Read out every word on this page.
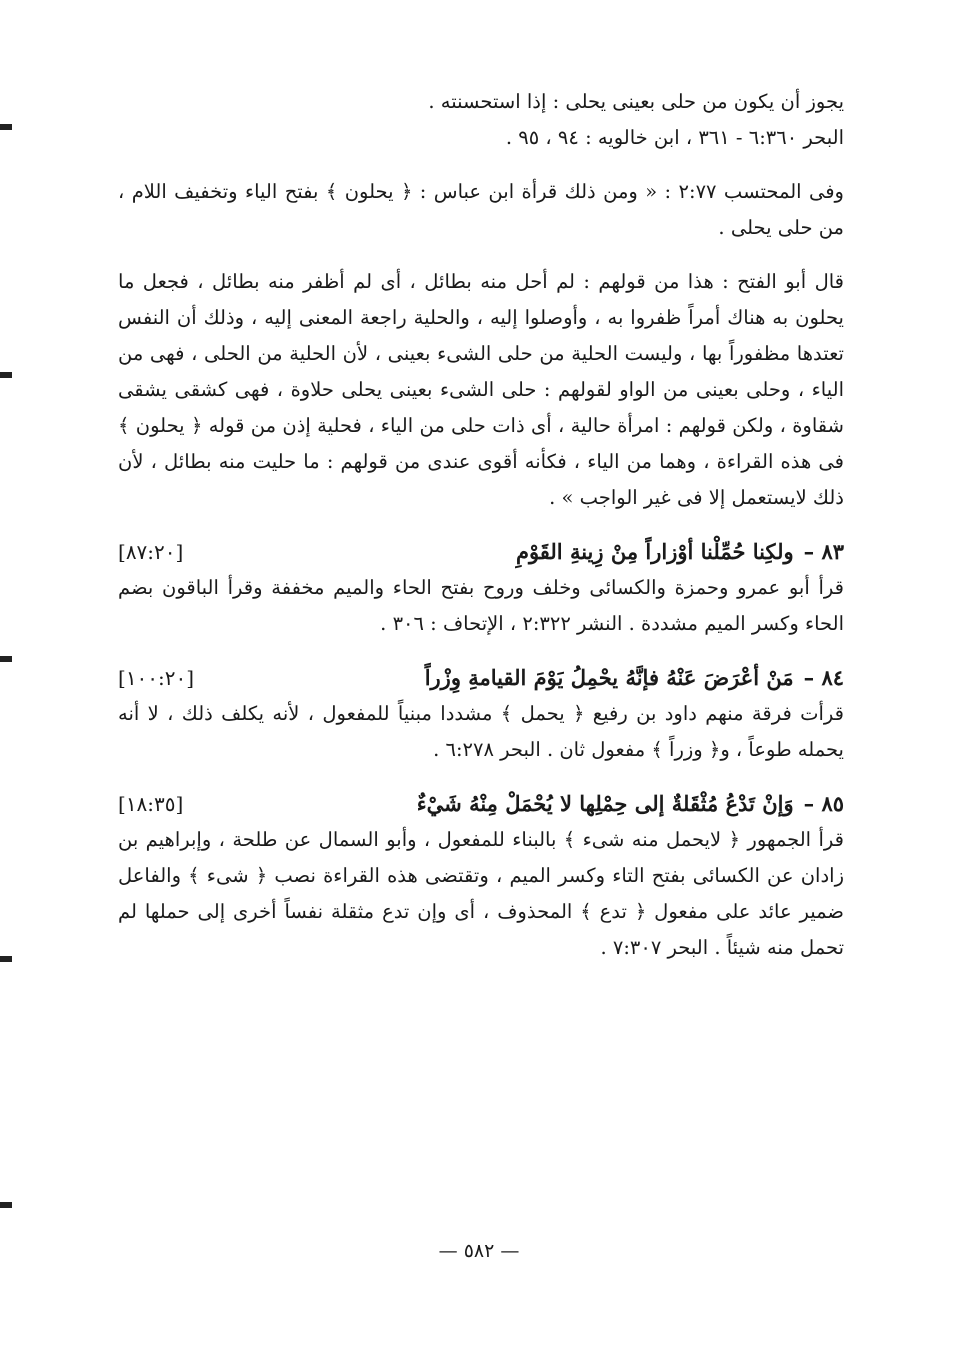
يجوز أن يكون من حلى بعينى يحلى : إذا استحسنته .

البحر ٦:٣٦٠ - ٣٦١ ، ابن خالويه : ٩٤ ، ٩٥ .

وفى المحتسب ٢:٧٧ : « ومن ذلك قرأة ابن عباس : ﴿ يحلون ﴾ بفتح الياء وتخفيف اللام ، من حلى يحلى .

قال أبو الفتح : هذا من قولهم : لم أحل منه بطائل ، أى لم أظفر منه بطائل ، فجعل ما يحلون به هناك أمراً ظفروا به ، وأوصلوا إليه ، والحلية راجعة المعنى إليه ، وذلك أن النفس تعتدها مظفوراً بها ، وليست الحلية من حلى الشىء بعينى ، لأن الحلية من الحلى ، فهى من الياء ، وحلى بعينى من الواو لقولهم : حلى الشىء بعينى يحلى حلاوة ، فهى كشقى يشقى شقاوة ، ولكن قولهم : امرأة حالية ، أى ذات حلى من الياء ، فحلية إذن من قوله ﴿ يحلون ﴾ فى هذه القراءة ، وهما من الياء ، فكأنه أقوى عندى من قولهم : ما حليت منه بطائل ، لأن ذلك لايستعمل إلا فى غير الواجب » .

٨٣ –
ولكِنا حُمِّلْنا أوْزاراً مِنْ زِينةِ القَوْمِ
[٨٧:٢٠]

قرأ أبو عمرو وحمزة والكسائى وخلف وروح بفتح الحاء والميم مخففة وقرأ الباقون بضم الحاء وكسر الميم مشددة . النشر ٢:٣٢٢ ، الإتحاف : ٣٠٦ .

٨٤ –
مَنْ أعْرَضَ عَنْهُ فإنَّهُ يحْمِلُ يَوْمَ القيامةِ وِزْراً
[١٠٠:٢٠]

قرأت فرقة منهم داود بن رفيع ﴿ يحمل ﴾ مشددا مبنياً للمفعول ، لأنه يكلف ذلك ، لا أنه يحمله طوعاً ، و﴿ وزراً ﴾ مفعول ثان . البحر ٦:٢٧٨ .

٨٥ –
وَإنْ تَدْعُ مُثْقَلةٌ إلى حِمْلِها لا يُحْمَلْ مِنْهُ شَيْءٌ
[١٨:٣٥]

قرأ الجمهور ﴿ لايحمل منه شىء ﴾ بالبناء للمفعول ، وأبو السمال عن طلحة ، وإبراهيم بن زادان عن الكسائى بفتح التاء وكسر الميم ، وتقتضى هذه القراءة نصب ﴿ شىء ﴾ والفاعل ضمير عائد على مفعول ﴿ تدع ﴾ المحذوف ، أى وإن تدع مثقلة نفساً أخرى إلى حملها لم تحمل منه شيئاً . البحر ٧:٣٠٧ .

— ٥٨٢ —
